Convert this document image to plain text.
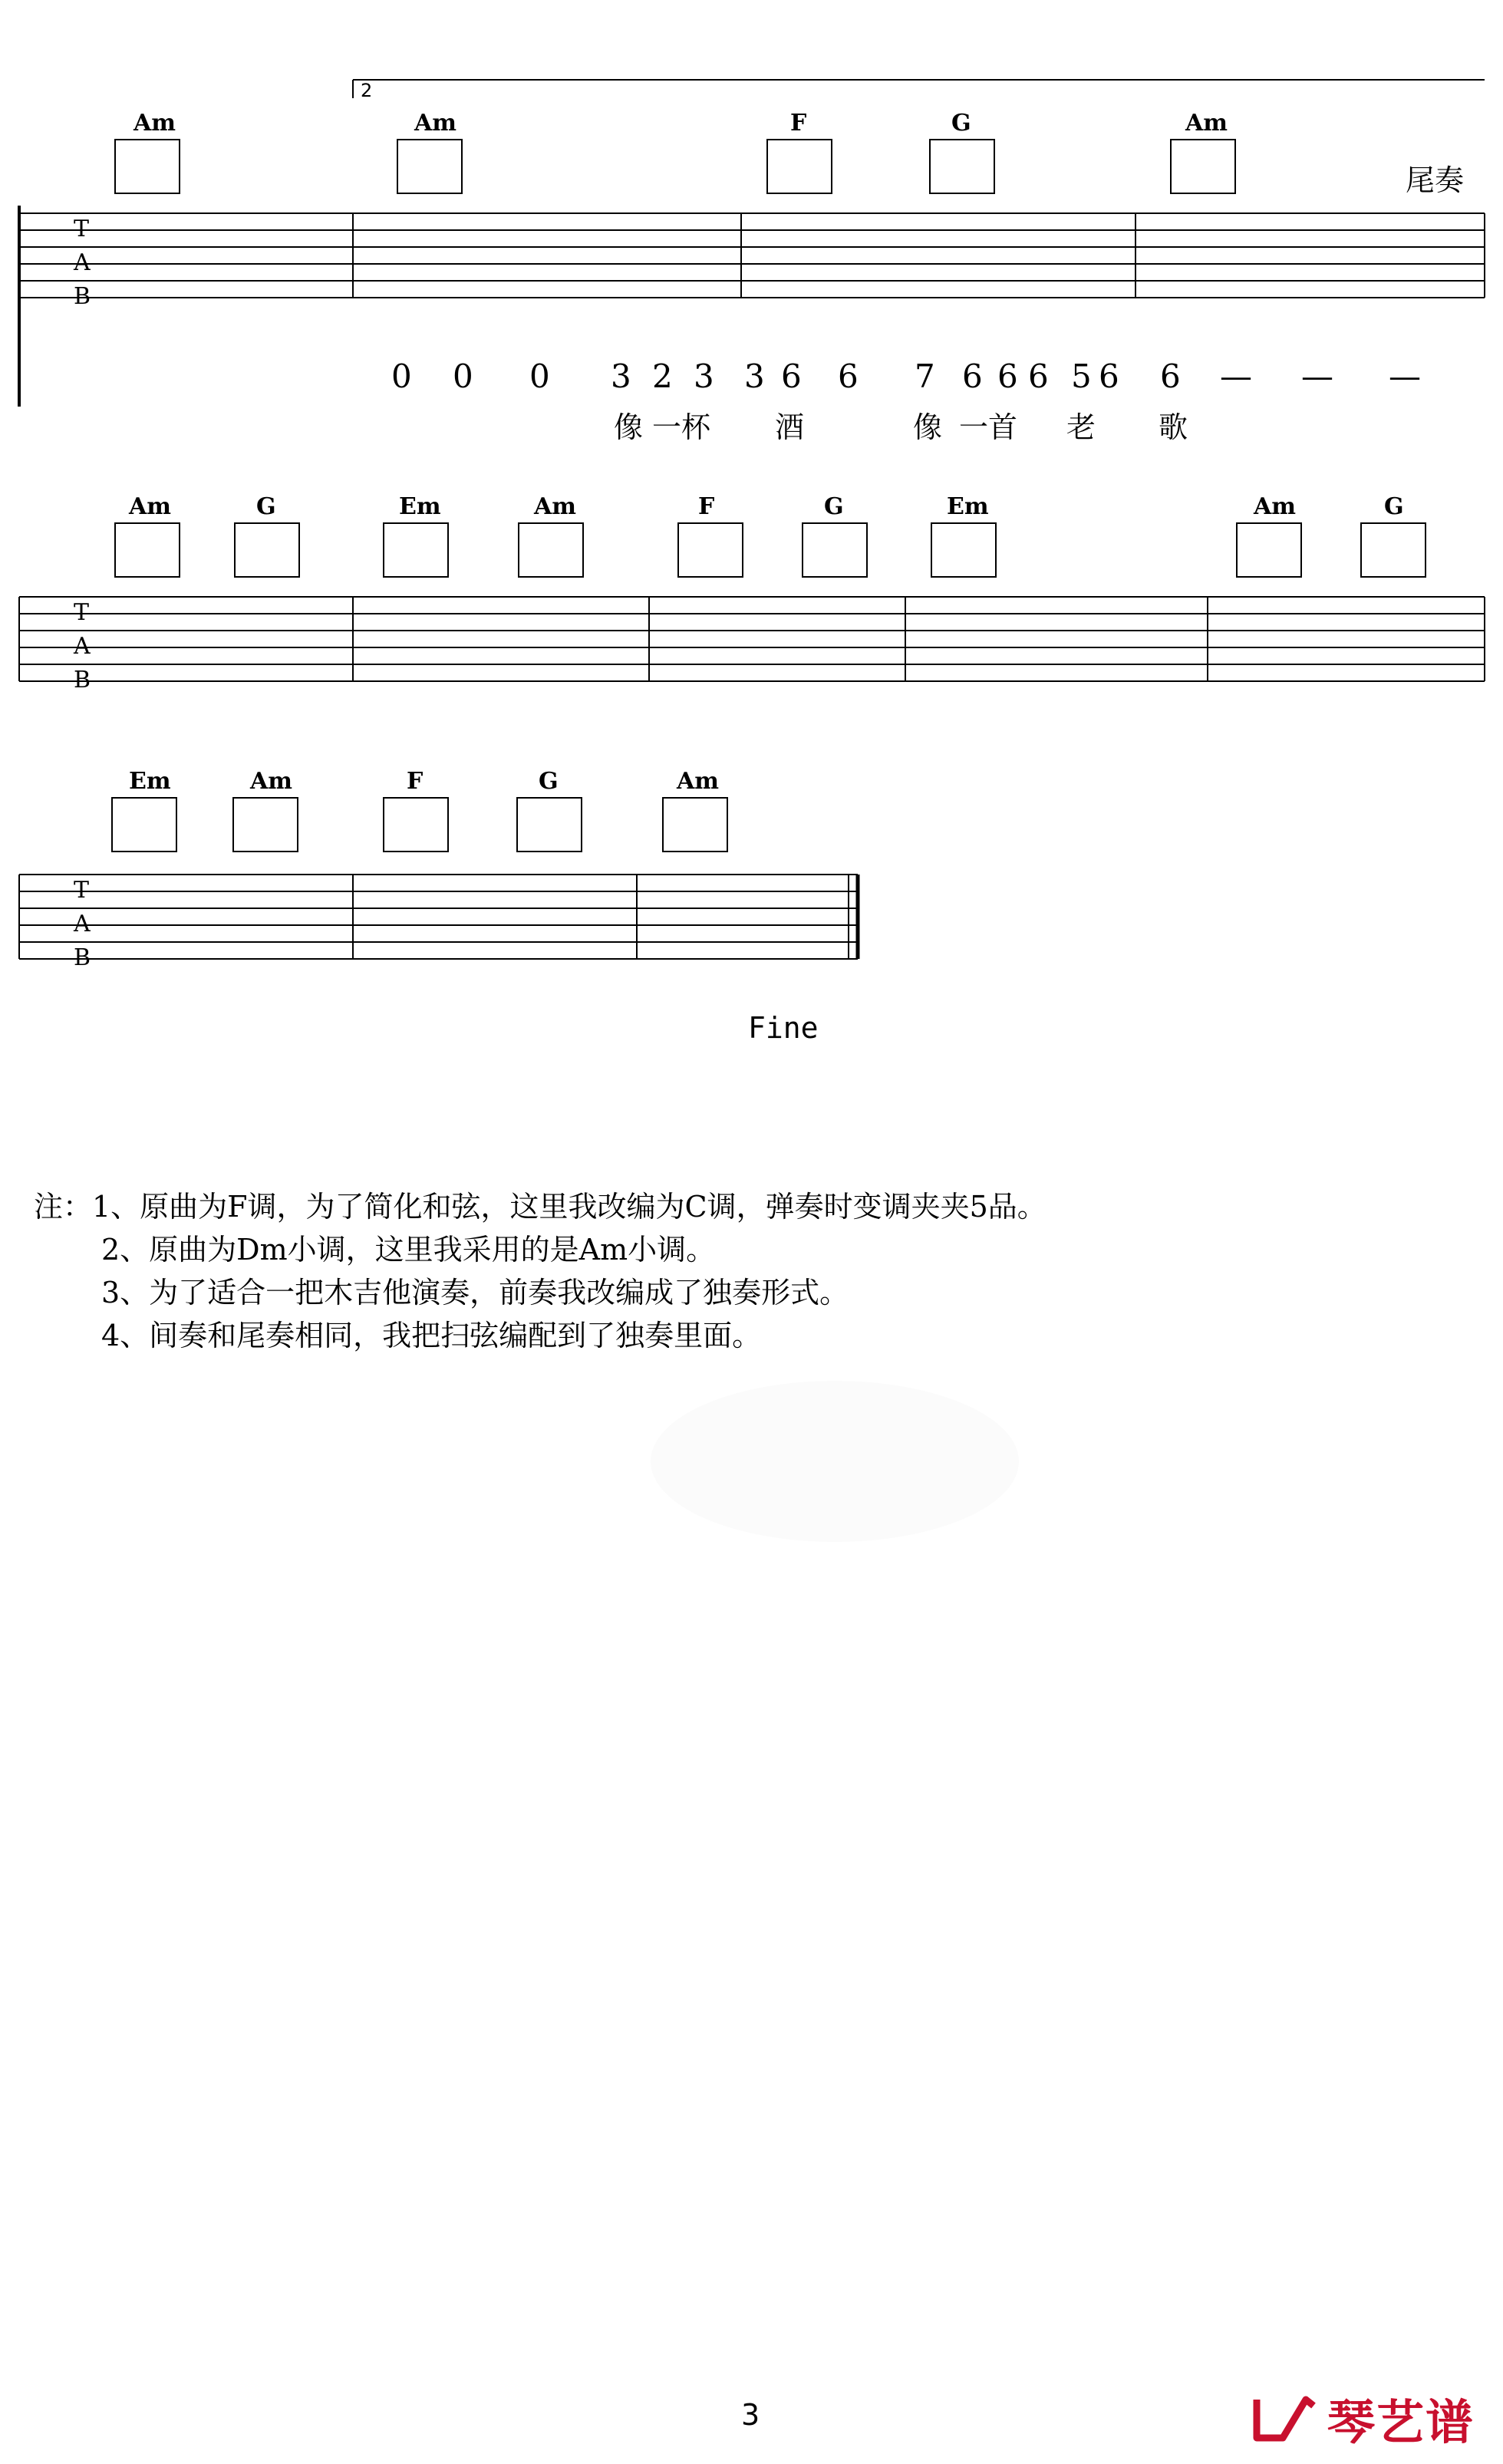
2
T
A
B
Am	Am	F	G	Am
尾奏
0 0 0 3 2 3 3 6 6 7 6 6 6 5 6 6 — — —
像 一杯 酒	像 一首 老 歌
T
A
B
Am	G	Em	Am	F	G	Em	Am	G
T
A
B
Em	Am	F	G	Am
Fine
注：1、原曲为F调，为了简化和弦，这里我改编为C调，弹奏时变调夹夹5品。
2、原曲为Dm小调，这里我采用的是Am小调。
3、为了适合一把木吉他演奏，前奏我改编成了独奏形式。
4、间奏和尾奏相同，我把扫弦编配到了独奏里面。
3	琴艺谱
